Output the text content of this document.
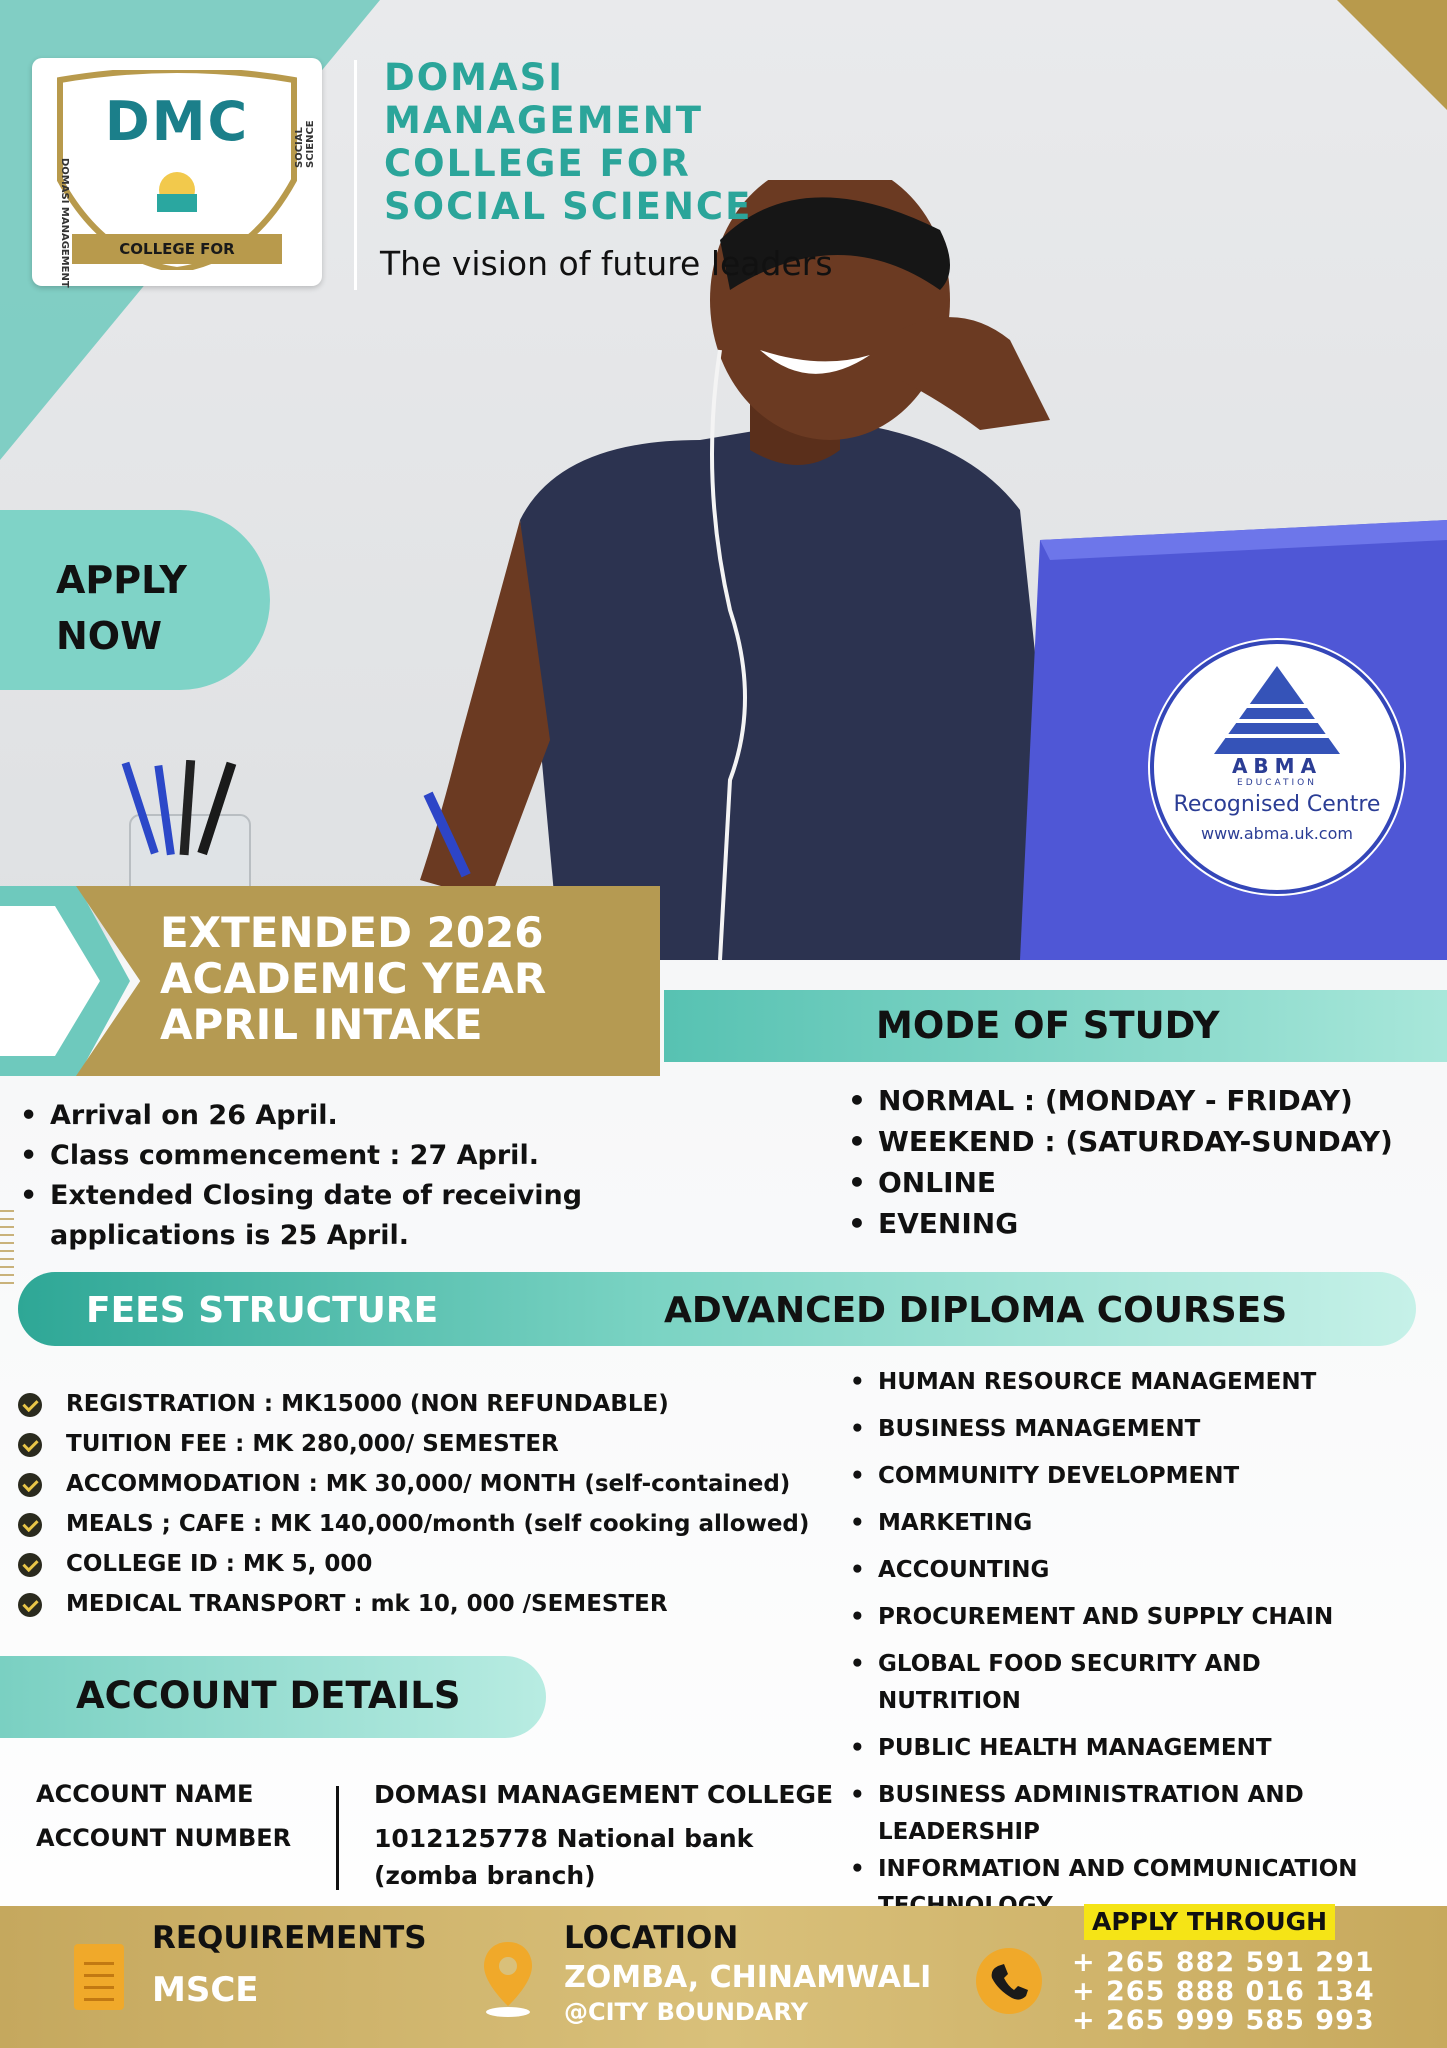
DMC
DOMASI MANAGEMENT
SOCIAL SCIENCE
COLLEGE FOR
DOMASI
MANAGEMENT
COLLEGE FOR
SOCIAL SCIENCE
The vision of future leaders
APPLY
NOW
ABMA
EDUCATION
Recognised Centre
www.abma.uk.com
EXTENDED 2026
ACADEMIC YEAR
APRIL INTAKE	MODE OF STUDY
• Arrival on 26 April.
• Class commencement : 27 April.
• Extended Closing date of receiving
applications is 25 April.
• NORMAL : (MONDAY - FRIDAY)
• WEEKEND : (SATURDAY-SUNDAY)
• ONLINE
• EVENING
FEES STRUCTURE	ADVANCED DIPLOMA COURSES
REGISTRATION : MK15000 (NON REFUNDABLE)
TUITION FEE : MK 280,000/ SEMESTER
ACCOMMODATION : MK 30,000/ MONTH (self-contained)
MEALS ; CAFE : MK 140,000/month (self cooking allowed)
COLLEGE ID : MK 5, 000
MEDICAL TRANSPORT : mk 10, 000 /SEMESTER
• HUMAN RESOURCE MANAGEMENT
• BUSINESS MANAGEMENT
• COMMUNITY DEVELOPMENT
• MARKETING
• ACCOUNTING
• PROCUREMENT AND SUPPLY CHAIN
• GLOBAL FOOD SECURITY AND NUTRITION
• PUBLIC HEALTH MANAGEMENT
• BUSINESS ADMINISTRATION AND LEADERSHIP
• INFORMATION AND COMMUNICATION
ACCOUNT DETAILS
ACCOUNT NAME
ACCOUNT NUMBER
DOMASI MANAGEMENT COLLEGE
1012125778 National bank
(zomba branch)
REQUIREMENTS
MSCE
LOCATION
ZOMBA, CHINAMWALI
@CITY BOUNDARY
APPLY THROUGH
+ 265 882 591 291
+ 265 888 016 134
+ 265 999 585 993
